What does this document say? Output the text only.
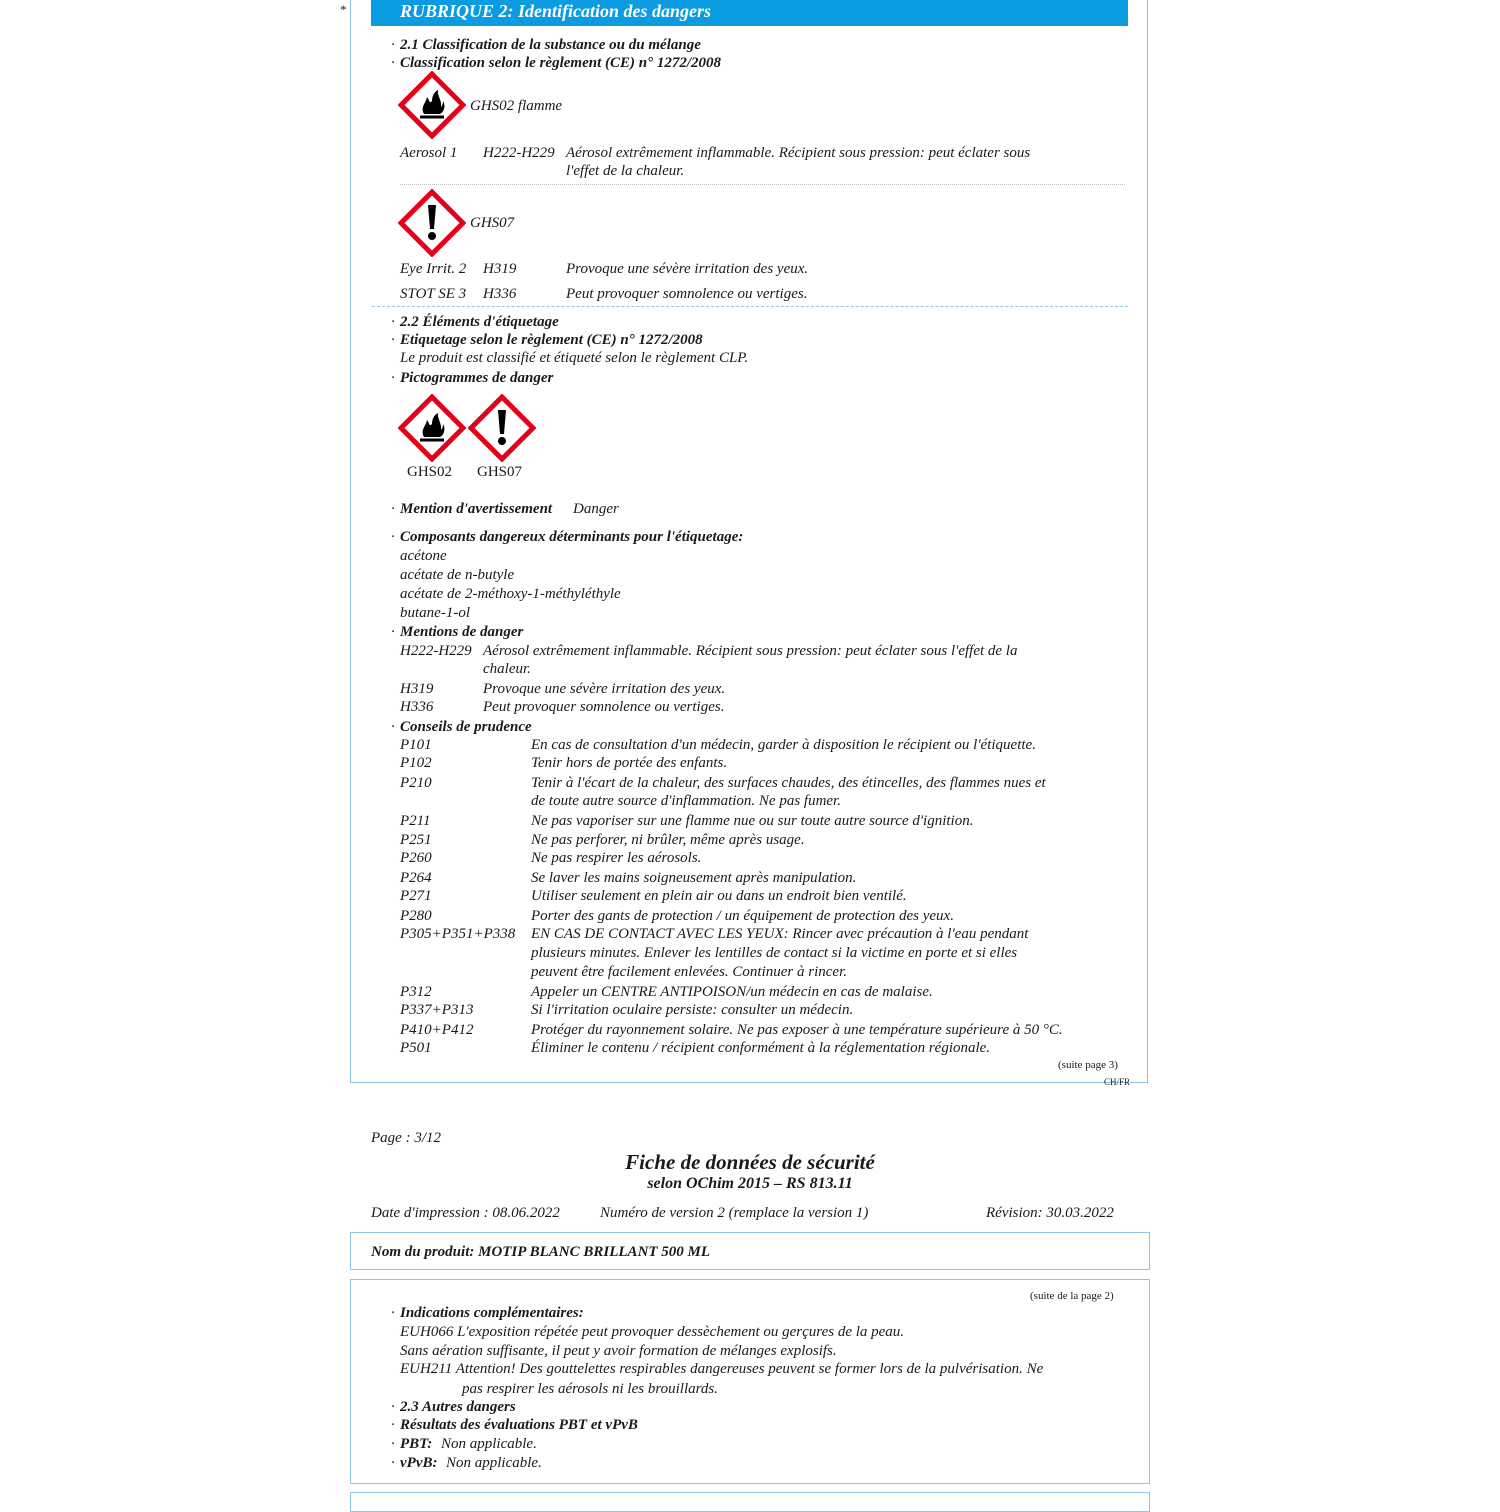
*	RUBRIQUE 2: Identification des dangers
· 2.1 Classification de la substance ou du mélange
· Classification selon le règlement (CE) n° 1272/2008
GHS02 flamme
Aerosol 1 H222-H229 Aérosol extrêmement inflammable. Récipient sous pression: peut éclater sous
l'effet de la chaleur.
GHS07
Eye Irrit. 2 H319	Provoque une sévère irritation des yeux.
STOT SE 3 H336	Peut provoquer somnolence ou vertiges.
· 2.2 Éléments d'étiquetage
· Etiquetage selon le règlement (CE) n° 1272/2008
Le produit est classifié et étiqueté selon le règlement CLP.
· Pictogrammes de danger
GHS02 GHS07
· Mention d'avertissement Danger
· Composants dangereux déterminants pour l'étiquetage:
acétone
acétate de n-butyle
acétate de 2-méthoxy-1-méthyléthyle
butane-1-ol
· Mentions de danger
H222-H229 Aérosol extrêmement inflammable. Récipient sous pression: peut éclater sous l'effet de la
chaleur.
H319	Provoque une sévère irritation des yeux.
H336	Peut provoquer somnolence ou vertiges.
· Conseils de prudence
P101	En cas de consultation d'un médecin, garder à disposition le récipient ou l'étiquette.
P102	Tenir hors de portée des enfants.
P210	Tenir à l'écart de la chaleur, des surfaces chaudes, des étincelles, des flammes nues et
de toute autre source d'inflammation. Ne pas fumer.
P211	Ne pas vaporiser sur une flamme nue ou sur toute autre source d'ignition.
P251	Ne pas perforer, ni brûler, même après usage.
P260	Ne pas respirer les aérosols.
P264	Se laver les mains soigneusement après manipulation.
P271	Utiliser seulement en plein air ou dans un endroit bien ventilé.
P280	Porter des gants de protection / un équipement de protection des yeux.
P305+P351+P338 EN CAS DE CONTACT AVEC LES YEUX: Rincer avec précaution à l'eau pendant
plusieurs minutes. Enlever les lentilles de contact si la victime en porte et si elles
peuvent être facilement enlevées. Continuer à rincer.
P312	Appeler un CENTRE ANTIPOISON/un médecin en cas de malaise.
P337+P313	Si l'irritation oculaire persiste: consulter un médecin.
P410+P412	Protéger du rayonnement solaire. Ne pas exposer à une température supérieure à 50 °C.
P501	Éliminer le contenu / récipient conformément à la réglementation régionale.
(suite page 3)
CH/FR
Page : 3/12
Fiche de données de sécurité
selon OChim 2015 – RS 813.11
Date d'impression : 08.06.2022	Numéro de version 2 (remplace la version 1)	Révision: 30.03.2022
Nom du produit: MOTIP BLANC BRILLANT 500 ML
(suite de la page 2)
· Indications complémentaires:
EUH066 L'exposition répétée peut provoquer dessèchement ou gerçures de la peau.
Sans aération suffisante, il peut y avoir formation de mélanges explosifs.
EUH211 Attention! Des gouttelettes respirables dangereuses peuvent se former lors de la pulvérisation. Ne
pas respirer les aérosols ni les brouillards.
· 2.3 Autres dangers
· Résultats des évaluations PBT et vPvB
· PBT: Non applicable.
· vPvB: Non applicable.
